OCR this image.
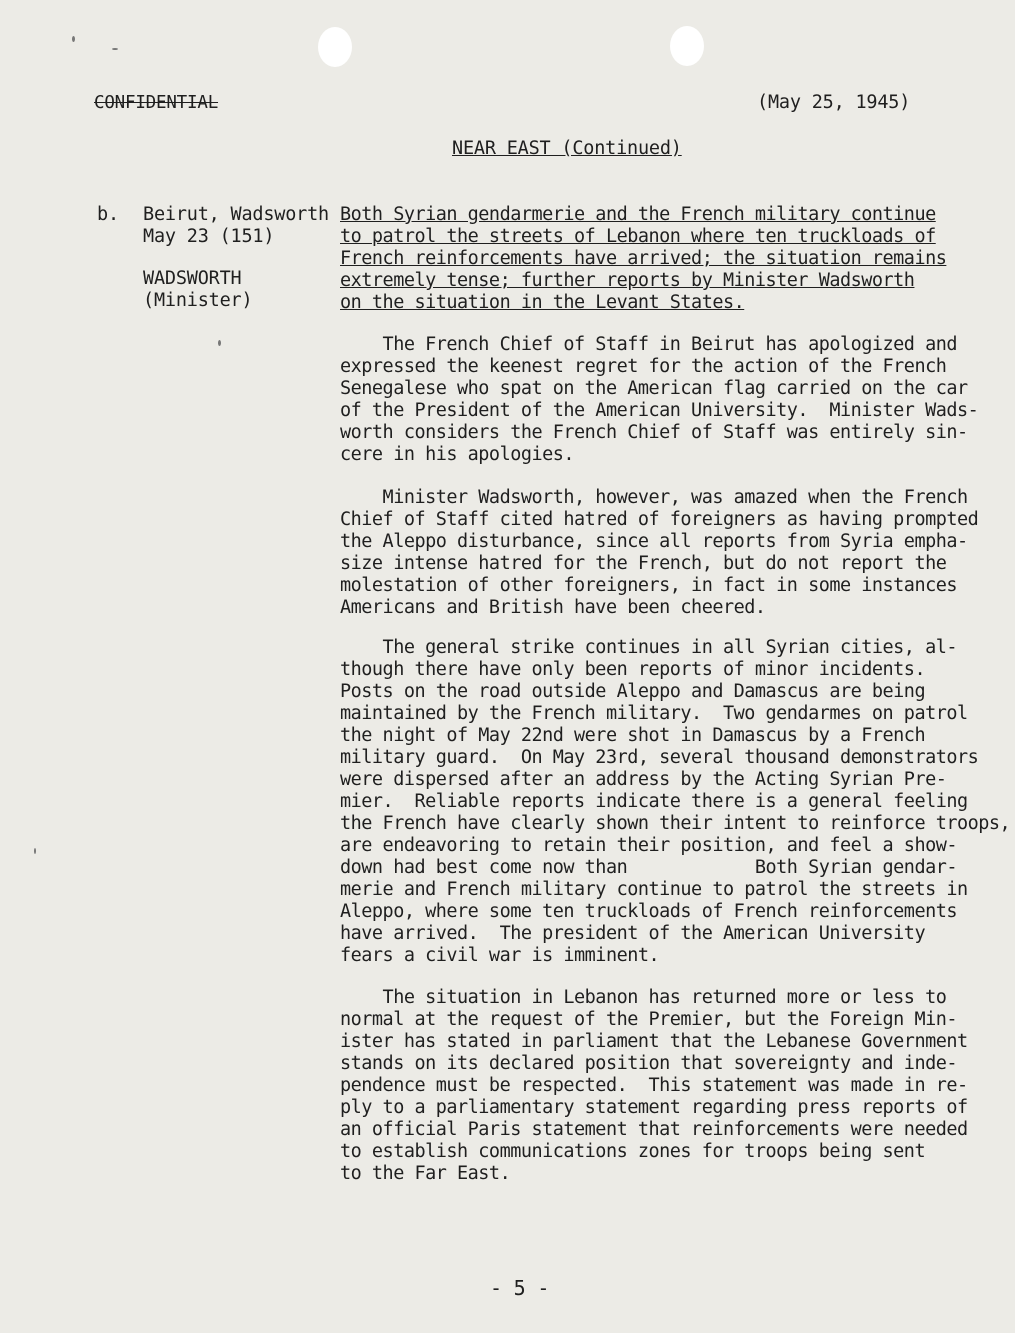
CONFIDENTIAL	(May 25, 1945)
NEAR EAST (Continued)
b. Beirut, Wadsworth
May 23 (151)
WADSWORTH
(Minister)
Both Syrian gendarmerie and the French military continue
to patrol the streets of Lebanon where ten truckloads of
French reinforcements have arrived; the situation remains
extremely tense; further reports by Minister Wadsworth
on the situation in the Levant States.
The French Chief of Staff in Beirut has apologized and
expressed the keenest regret for the action of the French
Senegalese who spat on the American flag carried on the car
of the President of the American University.  Minister Wads-
worth considers the French Chief of Staff was entirely sin-
cere in his apologies.
Minister Wadsworth, however, was amazed when the French
Chief of Staff cited hatred of foreigners as having prompted
the Aleppo disturbance, since all reports from Syria empha-
size intense hatred for the French, but do not report the
molestation of other foreigners, in fact in some instances
Americans and British have been cheered.
The general strike continues in all Syrian cities, al-
though there have only been reports of minor incidents.
Posts on the road outside Aleppo and Damascus are being
maintained by the French military.  Two gendarmes on patrol
the night of May 22nd were shot in Damascus by a French
military guard.  On May 23rd, several thousand demonstrators
were dispersed after an address by the Acting Syrian Pre-
mier.  Reliable reports indicate there is a general feeling
the French have clearly shown their intent to reinforce troops,
are endeavoring to retain their position, and feel a show-
down had best come now than            Both Syrian gendar-
merie and French military continue to patrol the streets in
Aleppo, where some ten truckloads of French reinforcements
have arrived.  The president of the American University
fears a civil war is imminent.
The situation in Lebanon has returned more or less to
normal at the request of the Premier, but the Foreign Min-
ister has stated in parliament that the Lebanese Government
stands on its declared position that sovereignty and inde-
pendence must be respected.  This statement was made in re-
ply to a parliamentary statement regarding press reports of
an official Paris statement that reinforcements were needed
to establish communications zones for troops being sent
to the Far East.
- 5 -
